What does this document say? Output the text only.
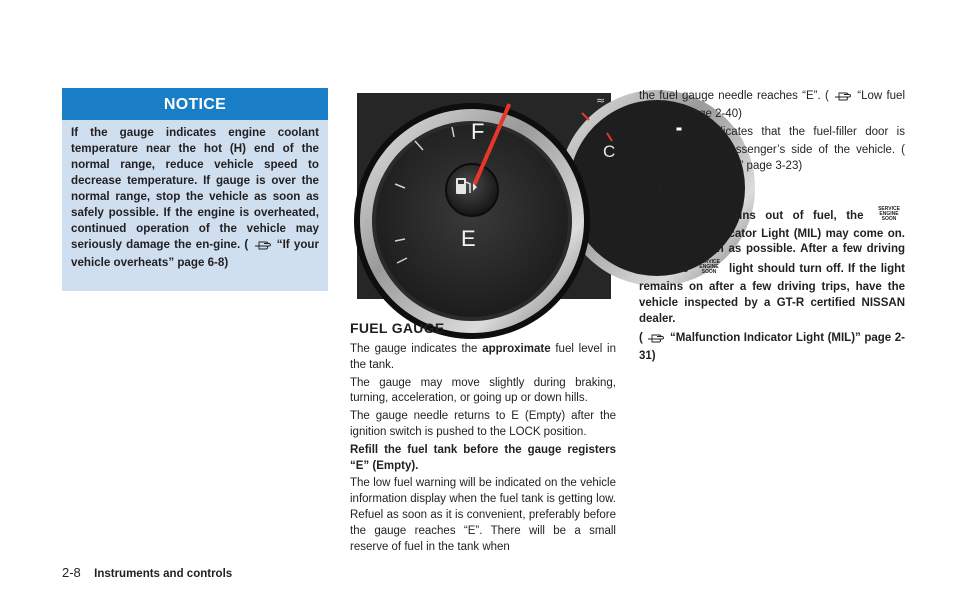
NOTICE
If the gauge indicates engine coolant temperature near the hot (H) end of the normal range, reduce vehicle speed to decrease temperature. If gauge is over the normal range, stop the vehicle as soon as safely possible. If the engine is overheated, continued operation of the vehicle may seriously damage the en-gine. ( “If your vehicle overheats” page 6-8)
≈
C
F
E
FUEL GAUGE

The gauge indicates the approximate fuel level in the tank.

The gauge may move slightly during braking, turning, acceleration, or going up or down hills.

The gauge needle returns to E (Empty) after the ignition switch is pushed to the LOCK position.

Refill the fuel tank before the gauge registers “E” (Empty).

The low fuel warning will be indicated on the vehicle information display when the fuel tank is getting low. Refuel as soon as it is convenient, preferably before the gauge reaches “E”. There will be a small reserve of fuel in the tank when

the fuel gauge needle reaches “E”. ( “Low fuel warning” page 2-40)

The	indicates that the fuel-filler door is located on the passenger’s side of the vehicle. (  “Fuel-filler door” page 3-23)

NOTE:

If the vehicle runs out of fuel, the
SERVICE
ENGINE
SOON
Malfunction Indicator Light (MIL) may come on. Refuel as soon as possible. After a few driving trips, the
SERVICE
ENGINE
SOON light should turn off. If the light remains on after a few driving trips, have the vehicle inspected by a GT-R certified NISSAN dealer.

( “Malfunction Indicator Light (MIL)” page 2-31)

2-8 Instruments and controls
